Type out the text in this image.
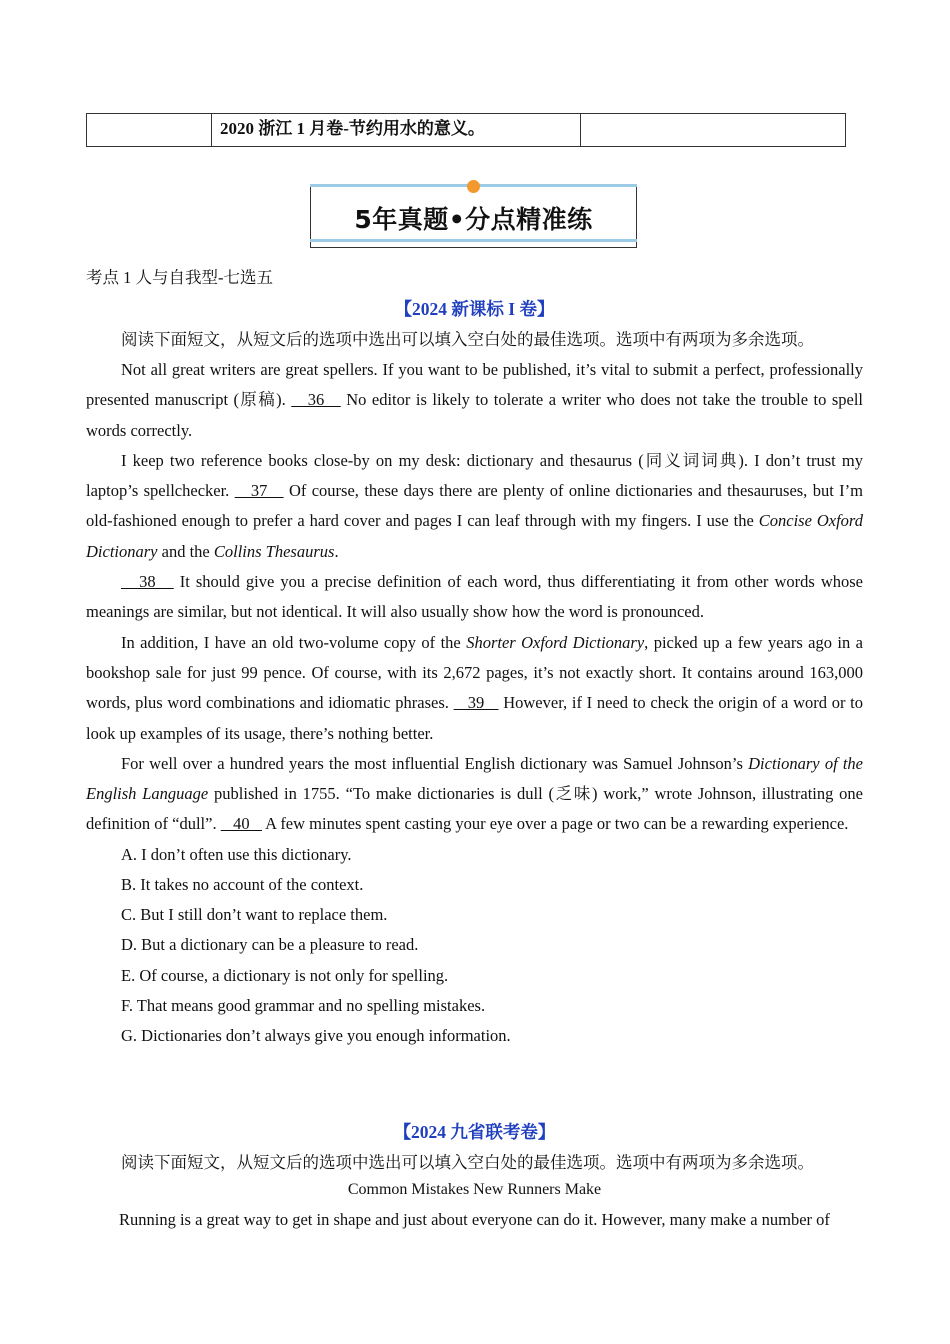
	2020 浙江 1 月卷-节约用水的意义。	
5年真题•分点精准练
考点 1 人与自我型-七选五
【2024 新课标 I 卷】
阅读下面短文，从短文后的选项中选出可以填入空白处的最佳选项。选项中有两项为多余选项。
Not all great writers are great spellers. If you want to be published, it’s vital to submit a perfect, professionally presented manuscript (原稿).    36    No editor is likely to tolerate a writer who does not take the trouble to spell words correctly.
I keep two reference books close-by on my desk: dictionary and thesaurus (同义词词典). I don’t trust my laptop’s spellchecker.    37    Of course, these days there are plenty of online dictionaries and thesauruses, but I’m old-fashioned enough to prefer a hard cover and pages I can leaf through with my fingers. I use the Concise Oxford Dictionary and the Collins Thesaurus.
38    It should give you a precise definition of each word, thus differentiating it from other words whose meanings are similar, but not identical. It will also usually show how the word is pronounced.
In addition, I have an old two-volume copy of the Shorter Oxford Dictionary, picked up a few years ago in a bookshop sale for just 99 pence. Of course, with its 2,672 pages, it’s not exactly short. It contains around 163,000 words, plus word combinations and idiomatic phrases.    39    However, if I need to check the origin of a word or to look up examples of its usage, there’s nothing better.
For well over a hundred years the most influential English dictionary was Samuel Johnson’s Dictionary of the English Language published in 1755. “To make dictionaries is dull (乏味) work,” wrote Johnson, illustrating one definition of “dull”.    40    A few minutes spent casting your eye over a page or two can be a rewarding experience.
A. I don’t often use this dictionary.
B. It takes no account of the context.
C. But I still don’t want to replace them.
D. But a dictionary can be a pleasure to read.
E. Of course, a dictionary is not only for spelling.
F. That means good grammar and no spelling mistakes.
G. Dictionaries don’t always give you enough information.
【2024 九省联考卷】
阅读下面短文，从短文后的选项中选出可以填入空白处的最佳选项。选项中有两项为多余选项。
Common Mistakes New Runners Make
Running is a great way to get in shape and just about everyone can do it. However, many make a number of
